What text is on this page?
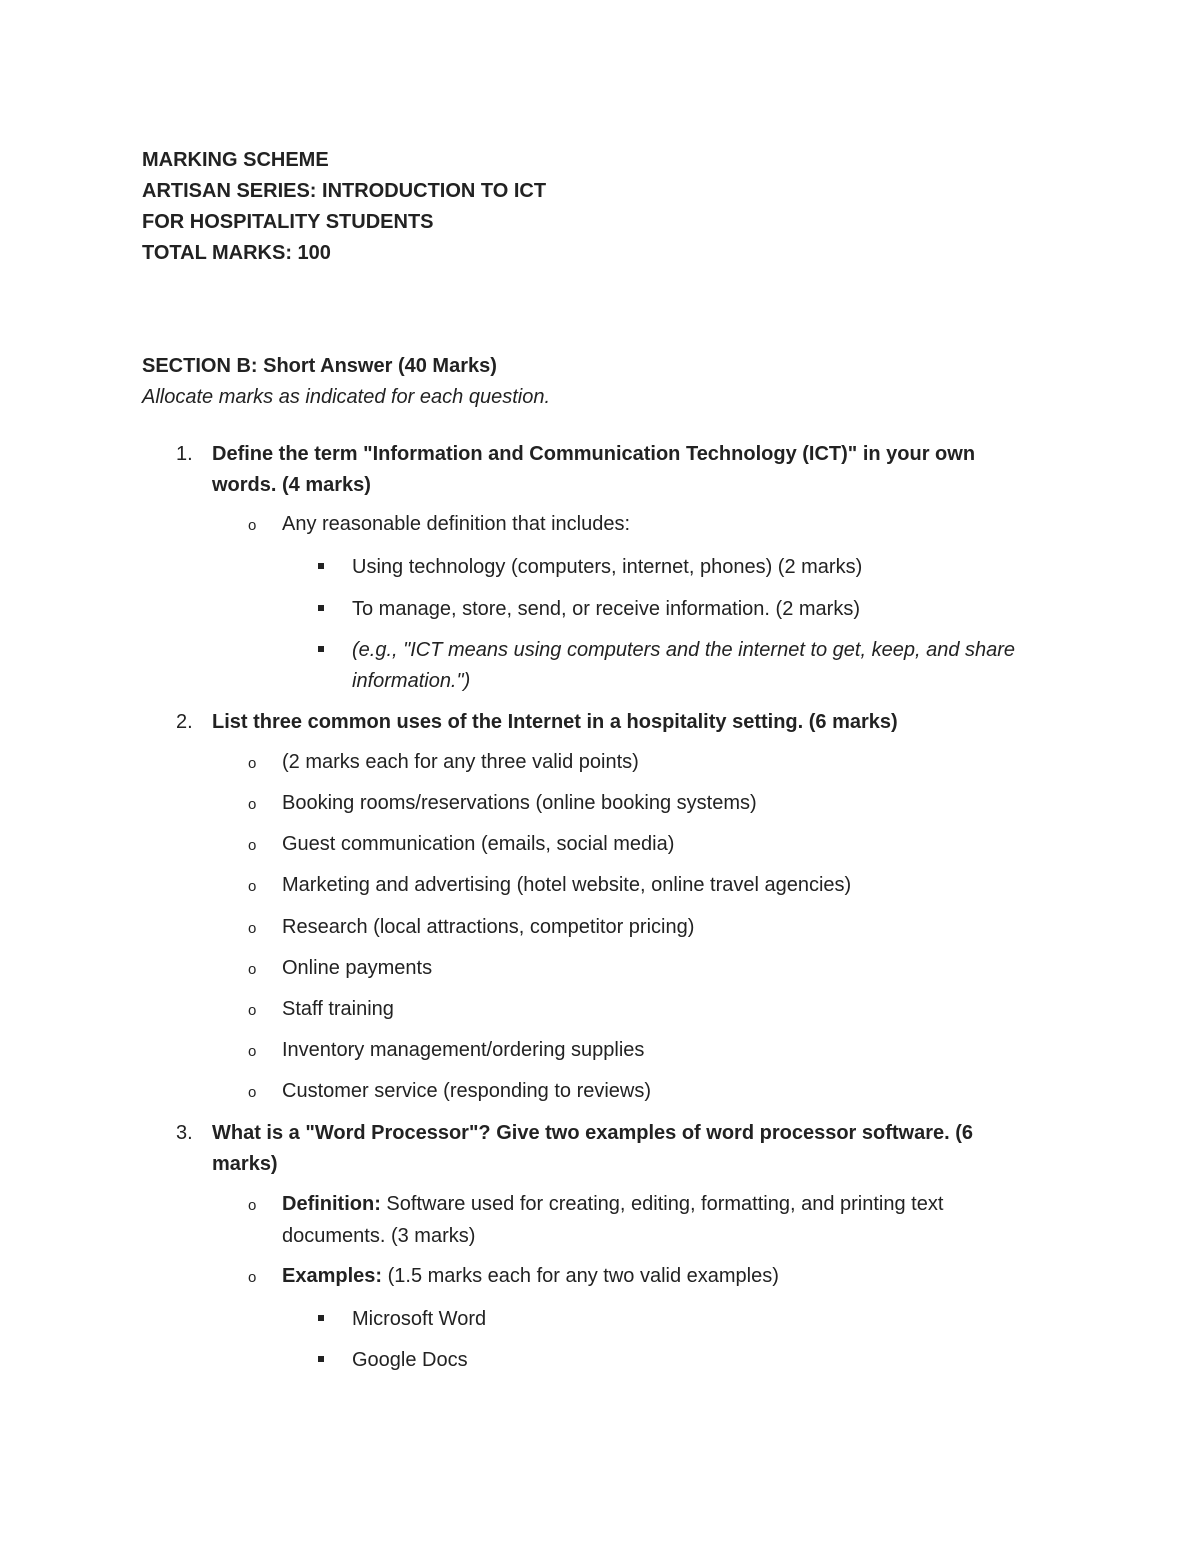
MARKING SCHEME

ARTISAN SERIES: INTRODUCTION TO ICT

FOR HOSPITALITY STUDENTS

TOTAL MARKS: 100

SECTION B: Short Answer (40 Marks)

Allocate marks as indicated for each question.

1. Define the term "Information and Communication Technology (ICT)" in your own

words. (4 marks)

o Any reasonable definition that includes:

Using technology (computers, internet, phones) (2 marks)

To manage, store, send, or receive information. (2 marks)

(e.g., "ICT means using computers and the internet to get, keep, and share

information.")

2. List three common uses of the Internet in a hospitality setting. (6 marks)

o (2 marks each for any three valid points)

o Booking rooms/reservations (online booking systems)

o Guest communication (emails, social media)

o Marketing and advertising (hotel website, online travel agencies)

o Research (local attractions, competitor pricing)

o Online payments

o Staff training

o Inventory management/ordering supplies

o Customer service (responding to reviews)

3. What is a "Word Processor"? Give two examples of word processor software. (6

marks)

o Definition: Software used for creating, editing, formatting, and printing text

documents. (3 marks)

o Examples: (1.5 marks each for any two valid examples)

Microsoft Word

Google Docs
